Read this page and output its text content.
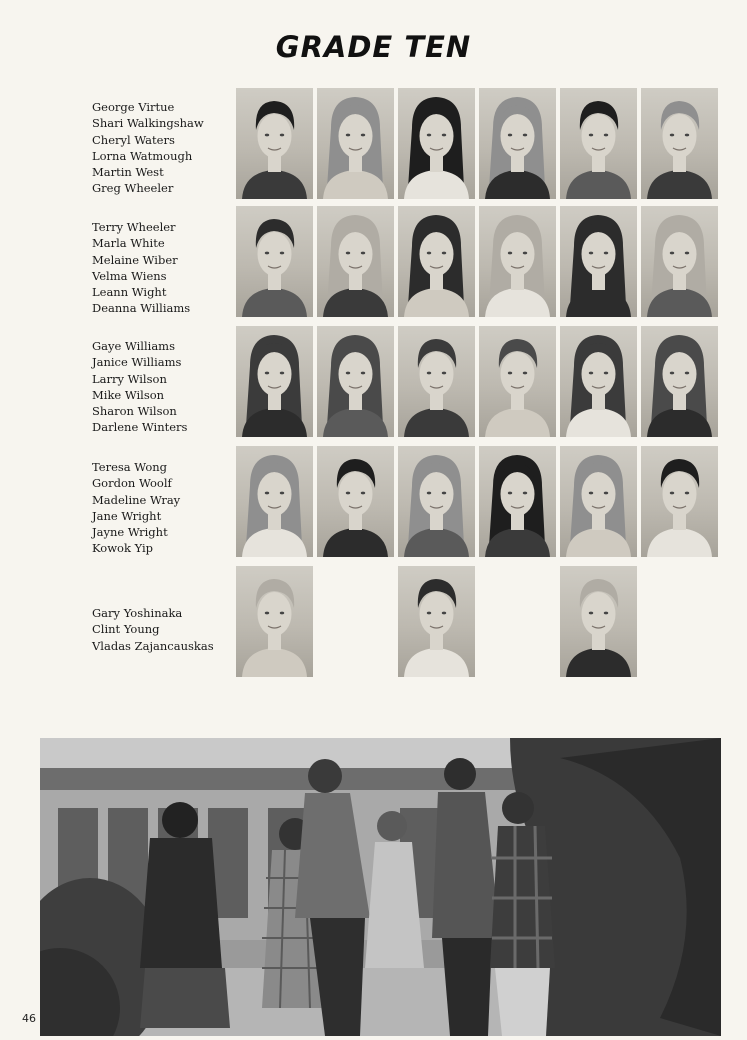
GRADE TEN
George Virtue
Shari Walkingshaw
Cheryl Waters
Lorna Watmough
Martin West
Greg Wheeler
Terry Wheeler
Marla White
Melaine Wiber
Velma Wiens
Leann Wight
Deanna Williams
Gaye Williams
Janice Williams
Larry Wilson
Mike Wilson
Sharon Wilson
Darlene Winters
Teresa Wong
Gordon Woolf
Madeline Wray
Jane Wright
Jayne Wright
Kowok Yip
Gary Yoshinaka
Clint Young
Vladas Zajancauskas
46
